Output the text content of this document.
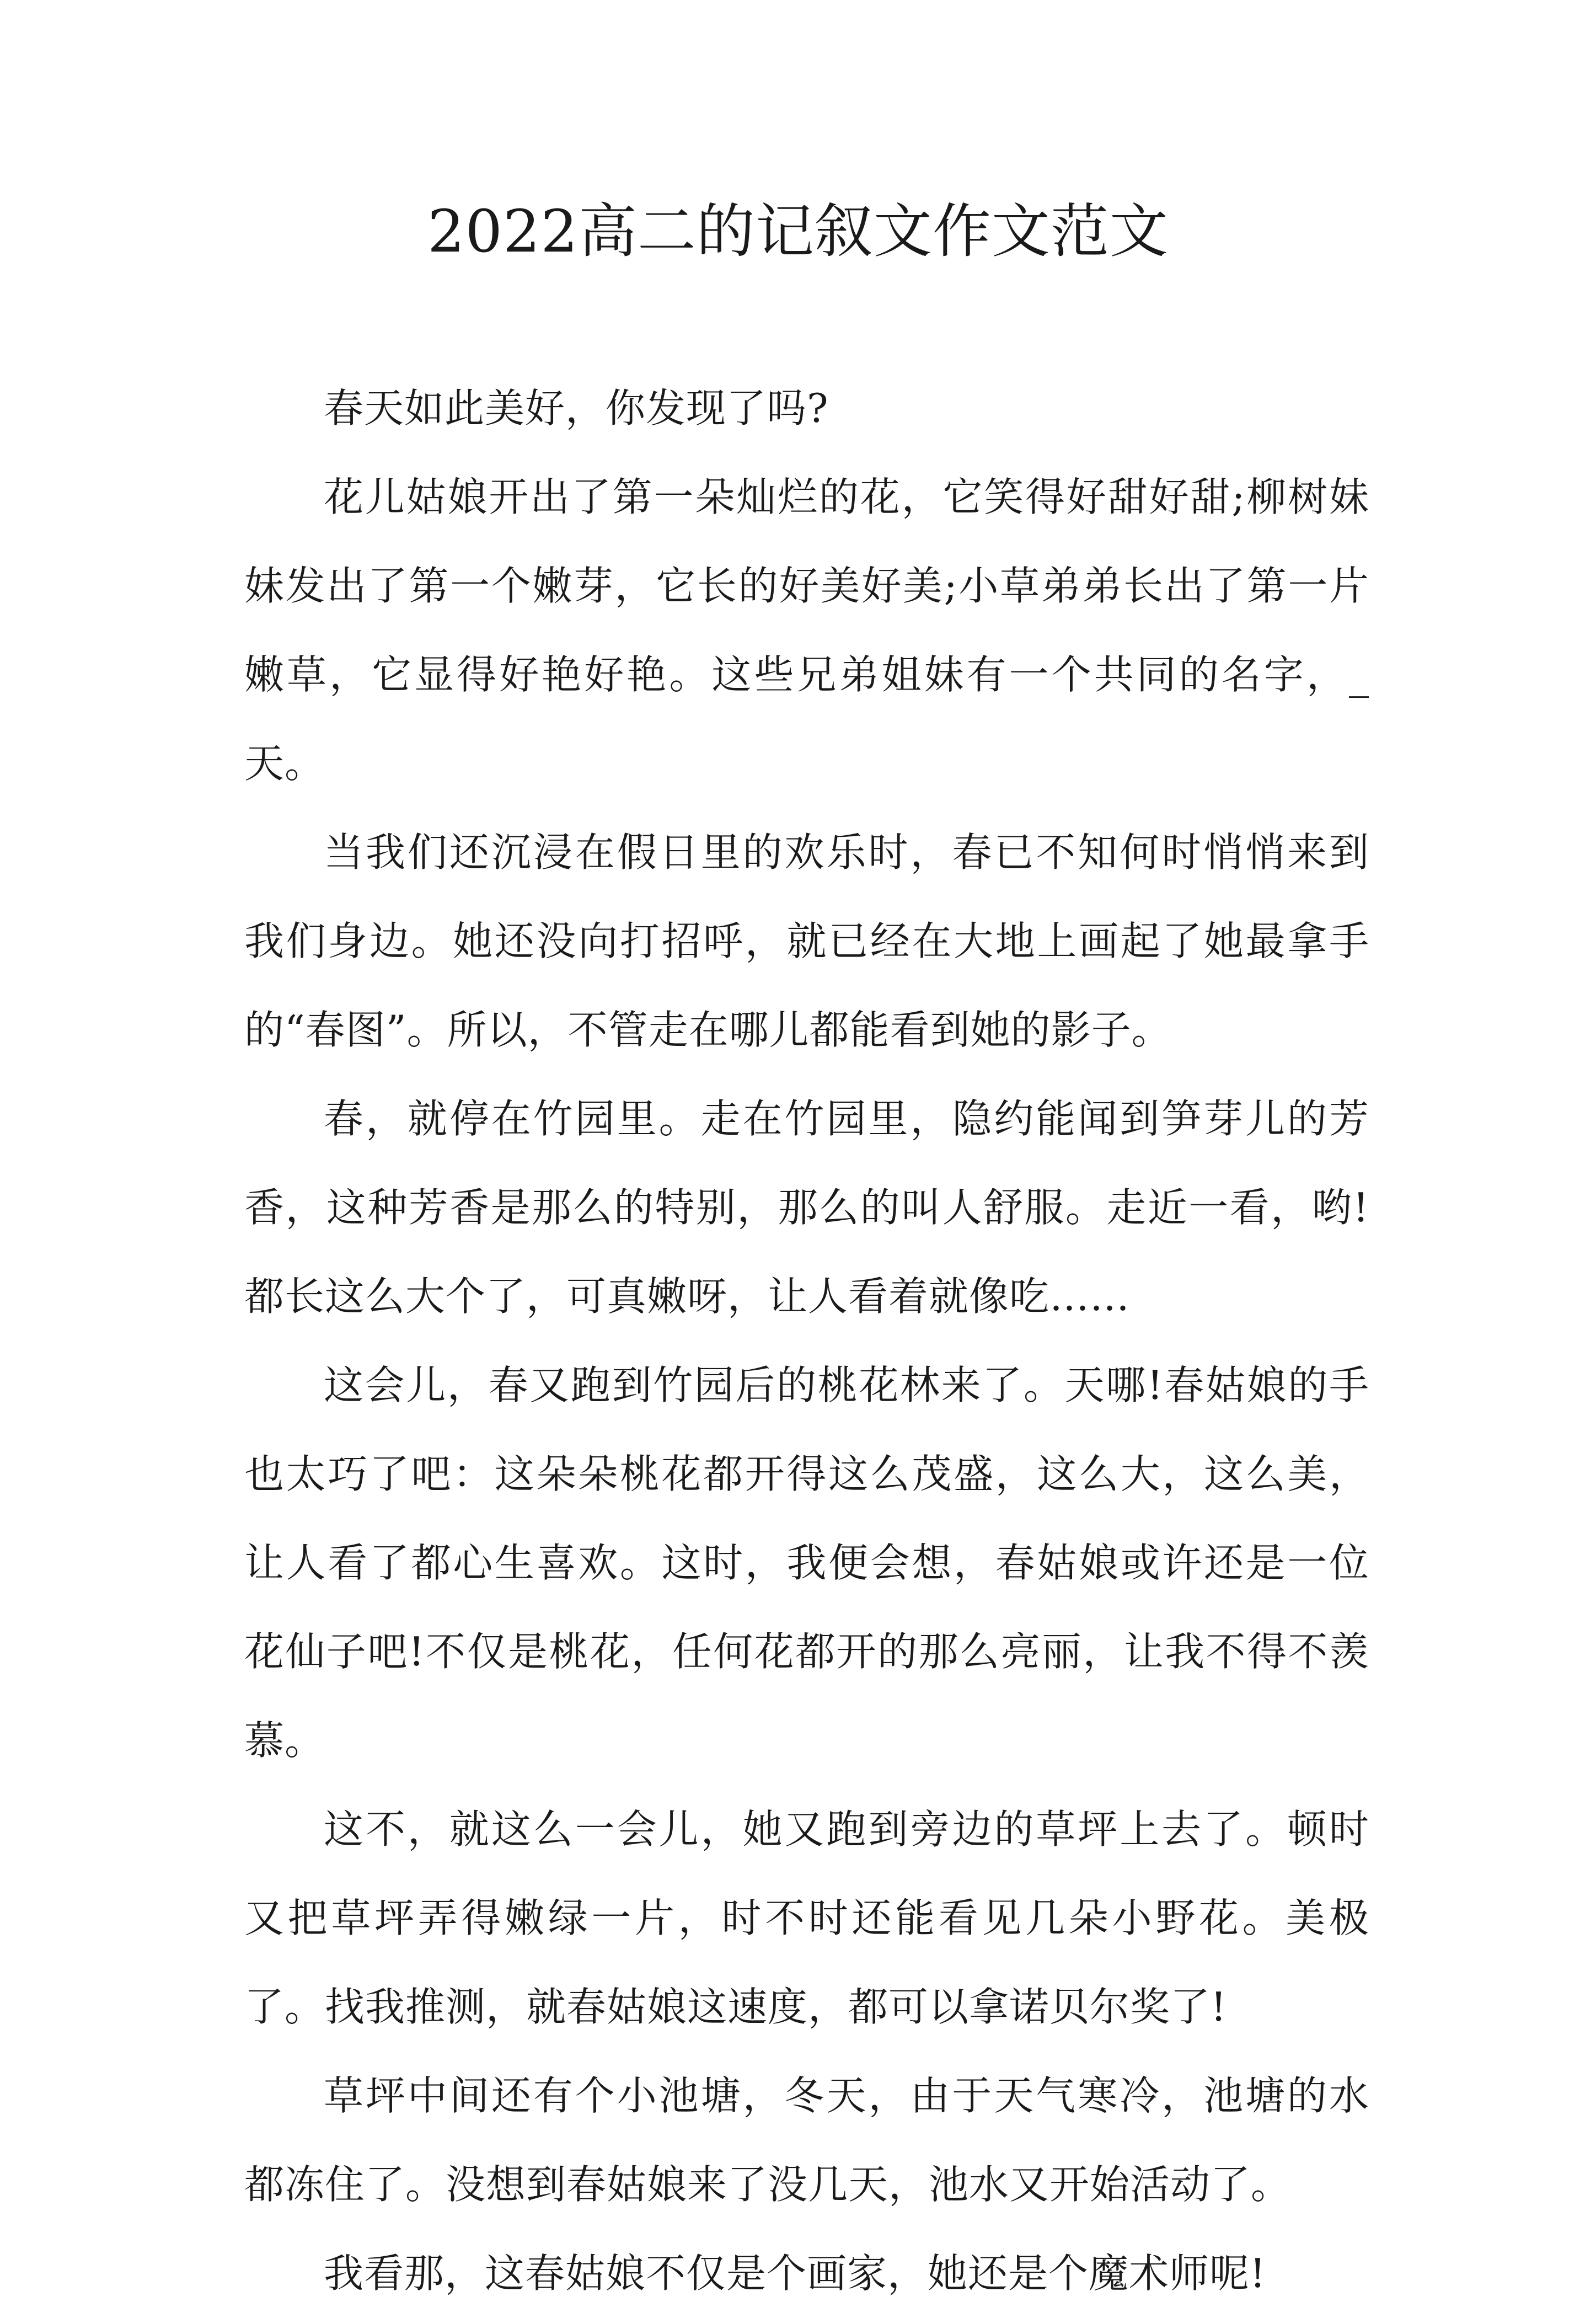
2022高二的记叙文作文范文

春天如此美好，你发现了吗?

花儿姑娘开出了第一朵灿烂的花，它笑得好甜好甜;柳树妹妹发出了第一个嫩芽，它长的好美好美;小草弟弟长出了第一片嫩草，它显得好艳好艳。这些兄弟姐妹有一个共同的名字，_天。

当我们还沉浸在假日里的欢乐时，春已不知何时悄悄来到我们身边。她还没向打招呼，就已经在大地上画起了她最拿手的“春图”。所以，不管走在哪儿都能看到她的影子。

春，就停在竹园里。走在竹园里，隐约能闻到笋芽儿的芳香，这种芳香是那么的特别，那么的叫人舒服。走近一看，哟!都长这么大个了，可真嫩呀，让人看着就像吃……

这会儿，春又跑到竹园后的桃花林来了。天哪!春姑娘的手也太巧了吧：这朵朵桃花都开得这么茂盛，这么大，这么美，让人看了都心生喜欢。这时，我便会想，春姑娘或许还是一位花仙子吧!不仅是桃花，任何花都开的那么亮丽，让我不得不羡慕。

这不，就这么一会儿，她又跑到旁边的草坪上去了。顿时又把草坪弄得嫩绿一片，时不时还能看见几朵小野花。美极了。找我推测，就春姑娘这速度，都可以拿诺贝尔奖了!

草坪中间还有个小池塘，冬天，由于天气寒冷，池塘的水都冻住了。没想到春姑娘来了没几天，池水又开始活动了。

我看那，这春姑娘不仅是个画家，她还是个魔术师呢!
